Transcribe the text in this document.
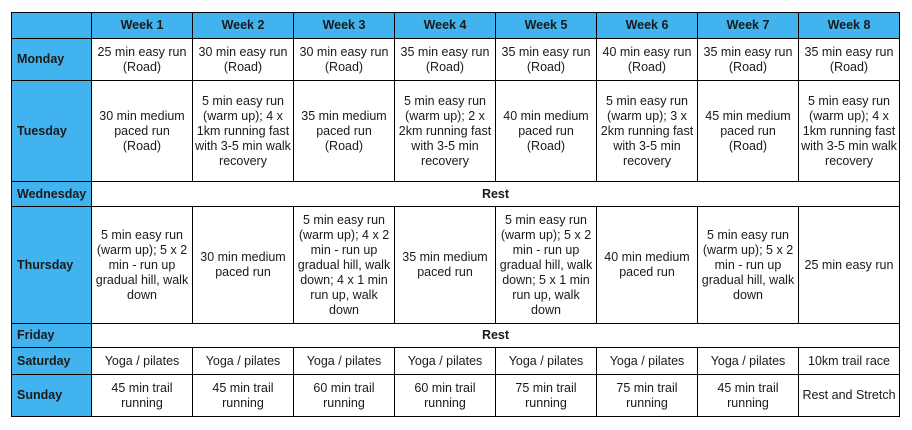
	Week 1	Week 2	Week 3	Week 4	Week 5	Week 6	Week 7	Week 8
Monday	25 min easy run (Road)	30 min easy run (Road)	30 min easy run (Road)	35 min easy run (Road)	35 min easy run (Road)	40 min easy run (Road)	35 min easy run (Road)	35 min easy run (Road)
Tuesday	30 min medium paced run (Road)	5 min easy run (warm up); 4 x 1km running fast with 3-5 min walk recovery	35 min medium paced run (Road)	5 min easy run (warm up); 2 x 2km running fast with 3-5 min recovery	40 min medium paced run (Road)	5 min easy run (warm up); 3 x 2km running fast with 3-5 min recovery	45 min medium paced run (Road)	5 min easy run (warm up); 4 x 1km running fast with 3-5 min walk recovery
Wednesday	Rest							
Thursday	5 min easy run (warm up); 5 x 2 min - run up gradual hill, walk down	30 min medium paced run	5 min easy run (warm up); 4 x 2 min - run up gradual hill, walk down; 4 x 1 min run up, walk down	35 min medium paced run	5 min easy run (warm up); 5 x 2 min - run up gradual hill, walk down; 5 x 1 min run up, walk down	40 min medium paced run	5 min easy run (warm up); 5 x 2 min - run up gradual hill, walk down	25 min easy run
Friday	Rest							
Saturday	Yoga / pilates	Yoga / pilates	Yoga / pilates	Yoga / pilates	Yoga / pilates	Yoga / pilates	Yoga / pilates	10km trail race
Sunday	45 min trail running	45 min trail running	60 min trail running	60 min trail running	75 min trail running	75 min trail running	45 min trail running	Rest and Stretch
